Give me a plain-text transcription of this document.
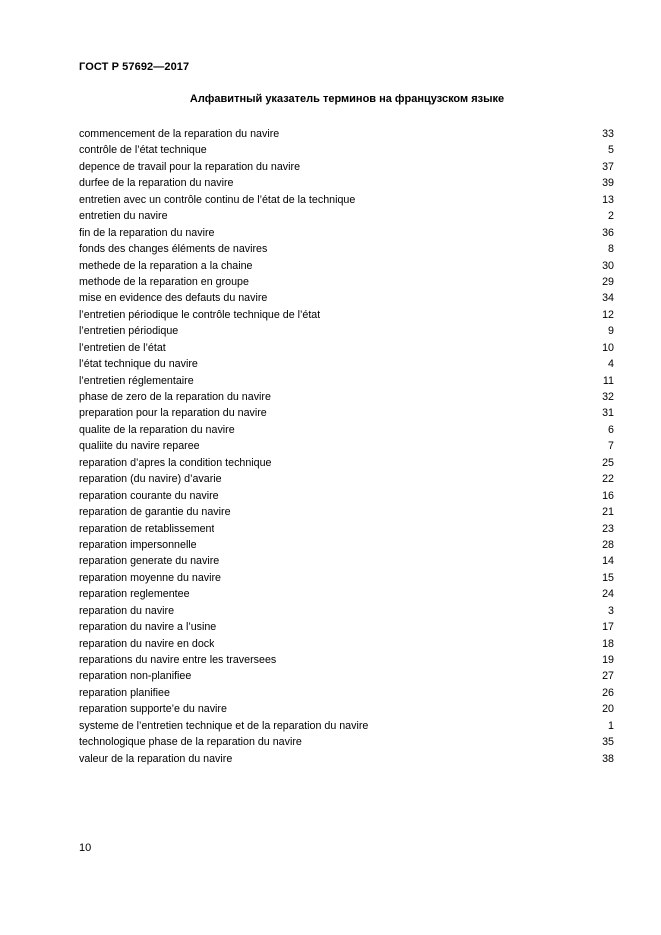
ГОСТ Р 57692—2017
Алфавитный указатель терминов на французском языке
commencement de la reparation du navire	33
contrôle de l’état technique	5
depence de travail pour la reparation du navire	37
durfee de la reparation du navire	39
entretien avec un contrôle continu de l’état de la technique	13
entretien du navire	2
fin de la reparation du navire	36
fonds des changes éléments de navires	8
methede de la reparation a la chaine	30
methode de la reparation en groupe	29
mise en evidence des defauts du navire	34
l’entretien périodique le contrôle technique de l’état	12
l’entretien périodique	9
l’entretien de l’état	10
l’état technique du navire	4
l’entretien réglementaire	11
phase de zero de la reparation du navire	32
preparation pour la reparation du navire	31
qualite de la reparation du navire	6
qualiite du navire reparee	7
reparation d’apres la condition technique	25
reparation (du navire) d’avarie	22
reparation courante du navire	16
reparation de garantie du navire	21
reparation de retablissement	23
reparation impersonnelle	28
reparation generate du navire	14
reparation moyenne du navire	15
reparation reglementee	24
reparation du navire	3
reparation du navire a l’usine	17
reparation du navire en dock	18
reparations du navire entre les traversees	19
reparation non-planifiee	27
reparation planifiee	26
reparation supporte’e du navire	20
systeme de l’entretien technique et de la reparation du navire	1
technologique phase de la reparation du navire	35
valeur de la reparation du navire	38
10
